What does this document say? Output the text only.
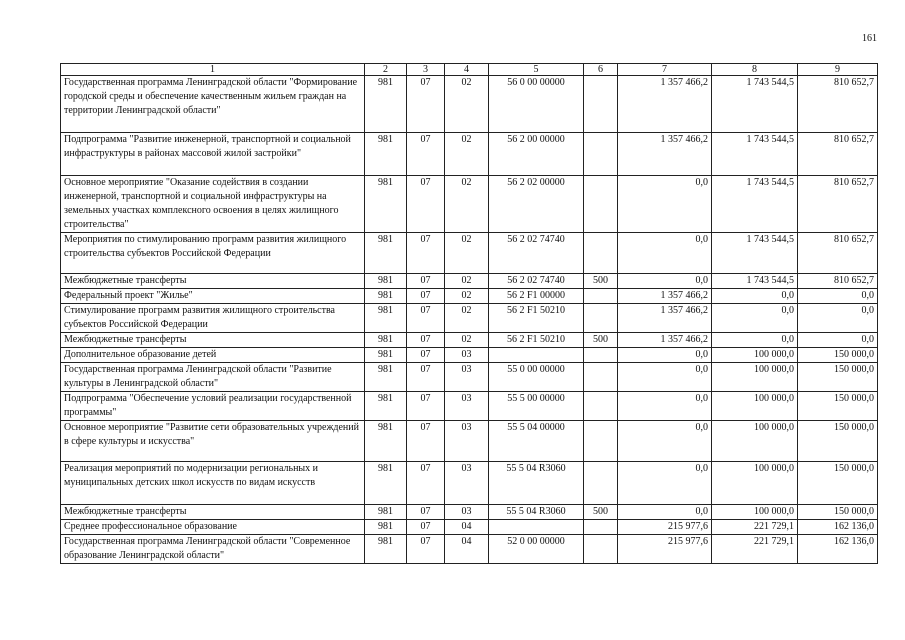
161
1	2	3	4	5	6	7	8	9
Государственная программа Ленинградской области "Формирование городской среды и обеспечение качественным жильем граждан на территории Ленинградской области"	981	07	02	56 0 00 00000		1 357 466,2	1 743 544,5	810 652,7
Подпрограмма "Развитие инженерной, транспортной и социальной инфраструктуры в районах массовой жилой застройки"	981	07	02	56 2 00 00000		1 357 466,2	1 743 544,5	810 652,7
Основное мероприятие "Оказание содействия в создании инженерной, транспортной и социальной инфраструктуры на земельных участках комплексного освоения в целях жилищного строительства"	981	07	02	56 2 02 00000		0,0	1 743 544,5	810 652,7
Мероприятия по стимулированию программ развития жилищного строительства субъектов Российской Федерации	981	07	02	56 2 02 74740		0,0	1 743 544,5	810 652,7
Межбюджетные трансферты	981	07	02	56 2 02 74740	500	0,0	1 743 544,5	810 652,7
Федеральный проект "Жилье"	981	07	02	56 2 F1 00000		1 357 466,2	0,0	0,0
Стимулирование программ развития жилищного строительства субъектов Российской Федерации	981	07	02	56 2 F1 50210		1 357 466,2	0,0	0,0
Межбюджетные трансферты	981	07	02	56 2 F1 50210	500	1 357 466,2	0,0	0,0
Дополнительное образование детей	981	07	03			0,0	100 000,0	150 000,0
Государственная программа Ленинградской области "Развитие культуры в Ленинградской области"	981	07	03	55 0 00 00000		0,0	100 000,0	150 000,0
Подпрограмма "Обеспечение условий реализации государственной программы"	981	07	03	55 5 00 00000		0,0	100 000,0	150 000,0
Основное мероприятие "Развитие сети образовательных учреждений в сфере культуры и искусства"	981	07	03	55 5 04 00000		0,0	100 000,0	150 000,0
Реализация мероприятий по модернизации региональных и муниципальных детских школ искусств по видам искусств	981	07	03	55 5 04 R3060		0,0	100 000,0	150 000,0
Межбюджетные трансферты	981	07	03	55 5 04 R3060	500	0,0	100 000,0	150 000,0
Среднее профессиональное образование	981	07	04			215 977,6	221 729,1	162 136,0
Государственная программа Ленинградской области "Современное образование Ленинградской области"	981	07	04	52 0 00 00000		215 977,6	221 729,1	162 136,0
